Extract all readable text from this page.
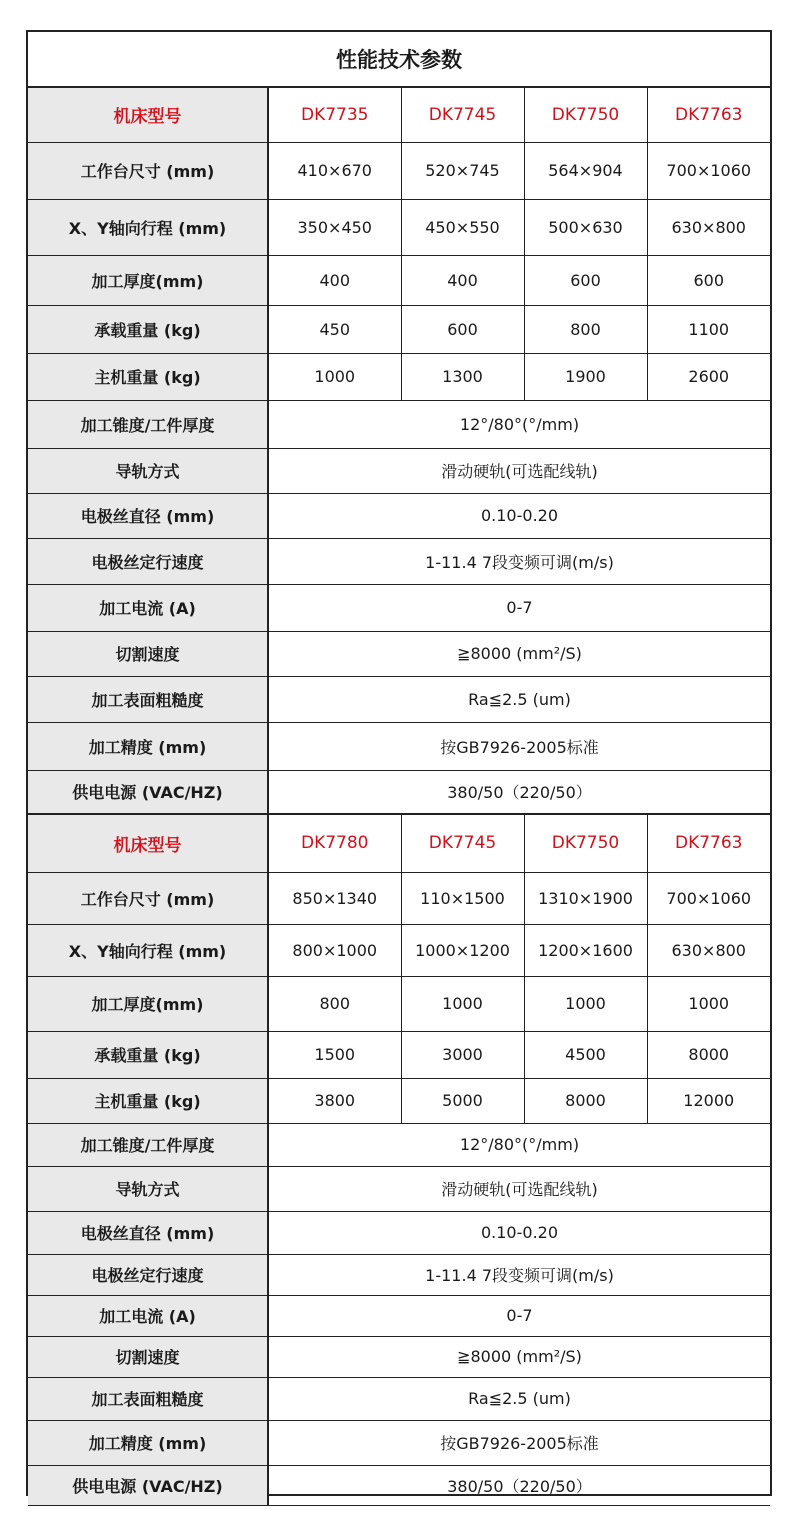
性能技术参数
机床型号	DK7735	DK7745	DK7750	DK7763
工作台尺寸 (mm)	410×670	520×745	564×904	700×1060
X、Y轴向行程 (mm)	350×450	450×550	500×630	630×800
加工厚度(mm)	400	400	600	600
承载重量 (kg)	450	600	800	1100
主机重量 (kg)	1000	1300	1900	2600
加工锥度/工件厚度	12°/80°(°/mm)			
导轨方式	滑动硬轨(可选配线轨)			
电极丝直径 (mm)	0.10-0.20			
电极丝定行速度	1-11.4 7段变频可调(m/s)			
加工电流 (A)	0-7			
切割速度	≧8000 (mm²/S)			
加工表面粗糙度	Ra≦2.5 (um)			
加工精度 (mm)	按GB7926-2005标准			
供电电源 (VAC/HZ)	380/50（220/50）			
机床型号	DK7780	DK7745	DK7750	DK7763
工作台尺寸 (mm)	850×1340	110×1500	1310×1900	700×1060
X、Y轴向行程 (mm)	800×1000	1000×1200	1200×1600	630×800
加工厚度(mm)	800	1000	1000	1000
承载重量 (kg)	1500	3000	4500	8000
主机重量 (kg)	3800	5000	8000	12000
加工锥度/工件厚度	12°/80°(°/mm)			
导轨方式	滑动硬轨(可选配线轨)			
电极丝直径 (mm)	0.10-0.20			
电极丝定行速度	1-11.4 7段变频可调(m/s)			
加工电流 (A)	0-7			
切割速度	≧8000 (mm²/S)			
加工表面粗糙度	Ra≦2.5 (um)			
加工精度 (mm)	按GB7926-2005标准			
供电电源 (VAC/HZ)	380/50（220/50）			
